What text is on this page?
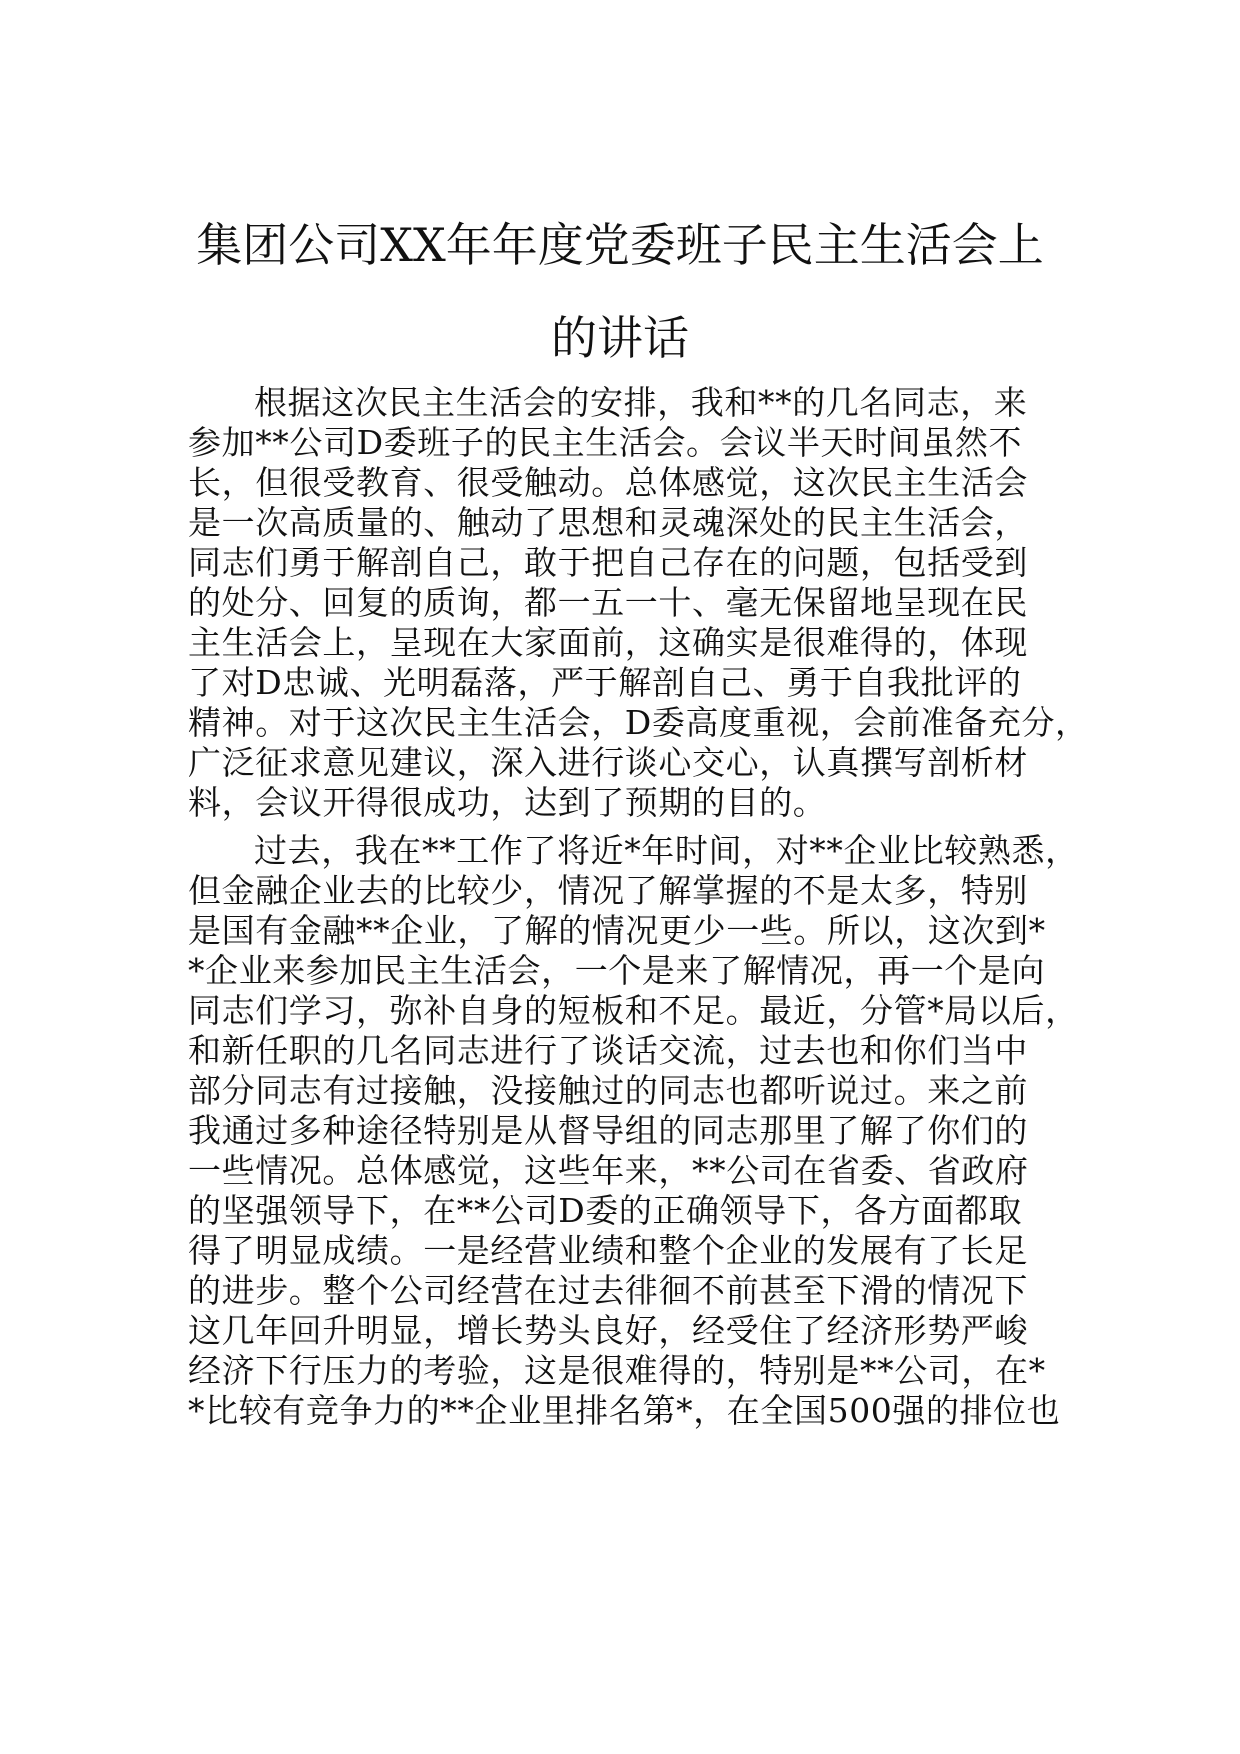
集团公司XX年年度党委班子民主生活会上
的讲话
根据这次民主生活会的安排，我和**的几名同志，来
参加**公司D委班子的民主生活会。会议半天时间虽然不
长，但很受教育、很受触动。总体感觉，这次民主生活会
是一次高质量的、触动了思想和灵魂深处的民主生活会，
同志们勇于解剖自己，敢于把自己存在的问题，包括受到
的处分、回复的质询，都一五一十、毫无保留地呈现在民
主生活会上，呈现在大家面前，这确实是很难得的，体现
了对D忠诚、光明磊落，严于解剖自己、勇于自我批评的
精神。对于这次民主生活会，D委高度重视，会前准备充分，
广泛征求意见建议，深入进行谈心交心，认真撰写剖析材
料，会议开得很成功，达到了预期的目的。
过去，我在**工作了将近*年时间，对**企业比较熟悉，
但金融企业去的比较少，情况了解掌握的不是太多，特别
是国有金融**企业，了解的情况更少一些。所以，这次到*
*企业来参加民主生活会，一个是来了解情况，再一个是向
同志们学习，弥补自身的短板和不足。最近，分管*局以后，
和新任职的几名同志进行了谈话交流，过去也和你们当中
部分同志有过接触，没接触过的同志也都听说过。来之前
我通过多种途径特别是从督导组的同志那里了解了你们的
一些情况。总体感觉，这些年来，**公司在省委、省政府
的坚强领导下，在**公司D委的正确领导下，各方面都取
得了明显成绩。一是经营业绩和整个企业的发展有了长足
的进步。整个公司经营在过去徘徊不前甚至下滑的情况下
这几年回升明显，增长势头良好，经受住了经济形势严峻
经济下行压力的考验，这是很难得的，特别是**公司，在*
*比较有竞争力的**企业里排名第*，在全国500强的排位也
